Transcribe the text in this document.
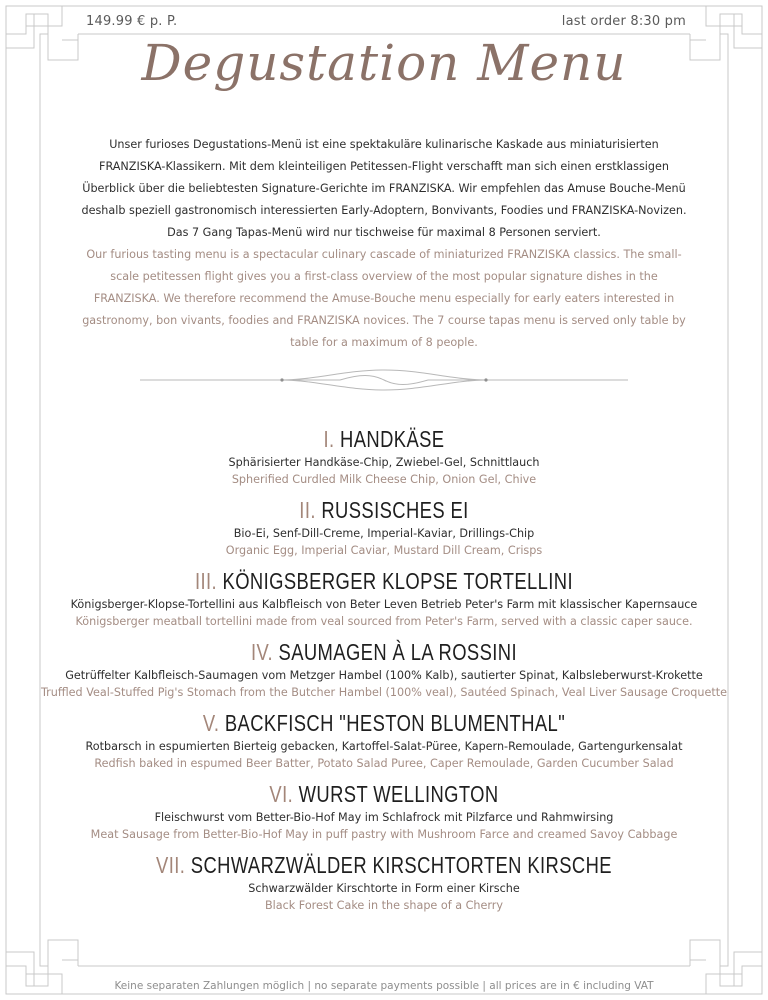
149.99 € p. P.	last order 8:30 pm
Degustation Menu
Unser furioses Degustations-Menü ist eine spektakuläre kulinarische Kaskade aus miniaturisierten FRANZISKA-Klassikern. Mit dem kleinteiligen Petitessen-Flight verschafft man sich einen erstklassigen Überblick über die beliebtesten Signature-Gerichte im FRANZISKA. Wir empfehlen das Amuse Bouche-Menü deshalb speziell gastronomisch interessierten Early-Adoptern, Bonvivants, Foodies und FRANZISKA-Novizen. Das 7 Gang Tapas-Menü wird nur tischweise für maximal 8 Personen serviert.
Our furious tasting menu is a spectacular culinary cascade of miniaturized FRANZISKA classics. The small-scale petitessen flight gives you a first-class overview of the most popular signature dishes in the FRANZISKA. We therefore recommend the Amuse-Bouche menu especially for early eaters interested in gastronomy, bon vivants, foodies and FRANZISKA novices. The 7 course tapas menu is served only table by table for a maximum of 8 people.
I. HANDKÄSE
Sphärisierter Handkäse-Chip, Zwiebel-Gel, Schnittlauch
Spherified Curdled Milk Cheese Chip, Onion Gel, Chive
II. RUSSISCHES EI
Bio-Ei, Senf-Dill-Creme, Imperial-Kaviar, Drillings-Chip
Organic Egg, Imperial Caviar, Mustard Dill Cream, Crisps
III. KÖNIGSBERGER KLOPSE TORTELLINI
Königsberger-Klopse-Tortellini aus Kalbfleisch von Beter Leven Betrieb Peter's Farm mit klassischer Kapernsauce
Königsberger meatball tortellini made from veal sourced from Peter's Farm, served with a classic caper sauce.
IV. SAUMAGEN À LA ROSSINI
Getrüffelter Kalbfleisch-Saumagen vom Metzger Hambel (100% Kalb), sautierter Spinat, Kalbsleberwurst-Krokette
Truffled Veal-Stuffed Pig's Stomach from the Butcher Hambel (100% veal), Sautéed Spinach, Veal Liver Sausage Croquette
V. BACKFISCH "HESTON BLUMENTHAL"
Rotbarsch in espumierten Bierteig gebacken, Kartoffel-Salat-Püree, Kapern-Remoulade, Gartengurkensalat
Redfish baked in espumed Beer Batter, Potato Salad Puree, Caper Remoulade, Garden Cucumber Salad
VI. WURST WELLINGTON
Fleischwurst vom Better-Bio-Hof May im Schlafrock mit Pilzfarce und Rahmwirsing
Meat Sausage from Better-Bio-Hof May in puff pastry with Mushroom Farce and creamed Savoy Cabbage
VII. SCHWARZWÄLDER KIRSCHTORTEN KIRSCHE
Schwarzwälder Kirschtorte in Form einer Kirsche
Black Forest Cake in the shape of a Cherry
Keine separaten Zahlungen möglich | no separate payments possible | all prices are in € including VAT
